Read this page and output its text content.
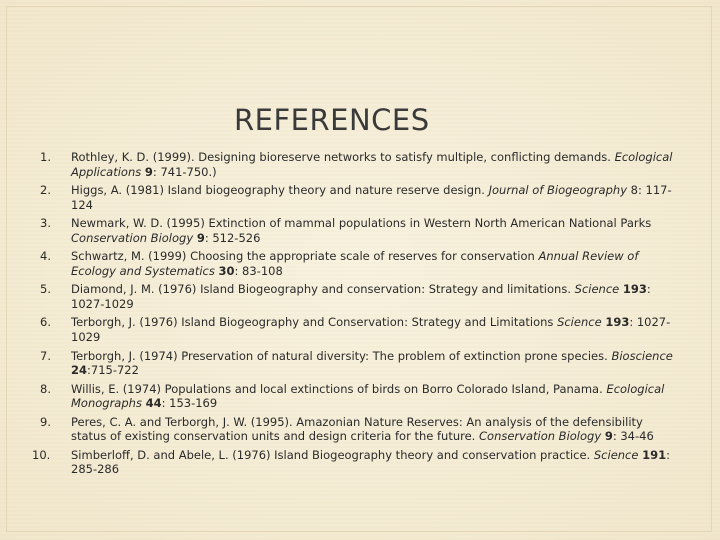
REFERENCES
1.	Rothley, K. D. (1999). Designing bioreserve networks to satisfy multiple, conflicting demands. Ecological Applications 9: 741-750.)
2.	Higgs, A. (1981) Island biogeography theory and nature reserve design. Journal of Biogeography 8: 117-124
3.	Newmark, W. D. (1995) Extinction of mammal populations in Western North American National Parks Conservation Biology 9: 512-526
4.	Schwartz, M. (1999) Choosing the appropriate scale of reserves for conservation Annual Review of Ecology and Systematics 30: 83-108
5.	Diamond, J. M. (1976) Island Biogeography and conservation: Strategy and limitations. Science 193: 1027-1029
6.	Terborgh, J. (1976) Island Biogeography and Conservation: Strategy and Limitations Science 193: 1027-1029
7.	Terborgh, J. (1974) Preservation of natural diversity: The problem of extinction prone species. Bioscience 24:715-722
8.	Willis, E. (1974) Populations and local extinctions of birds on Borro Colorado Island, Panama. Ecological Monographs 44: 153-169
9.	Peres, C. A. and Terborgh, J. W. (1995). Amazonian Nature Reserves: An analysis of the defensibility status of existing conservation units and design criteria for the future. Conservation Biology 9: 34-46
10.	Simberloff, D. and Abele, L. (1976) Island Biogeography theory and conservation practice. Science 191: 285-286
